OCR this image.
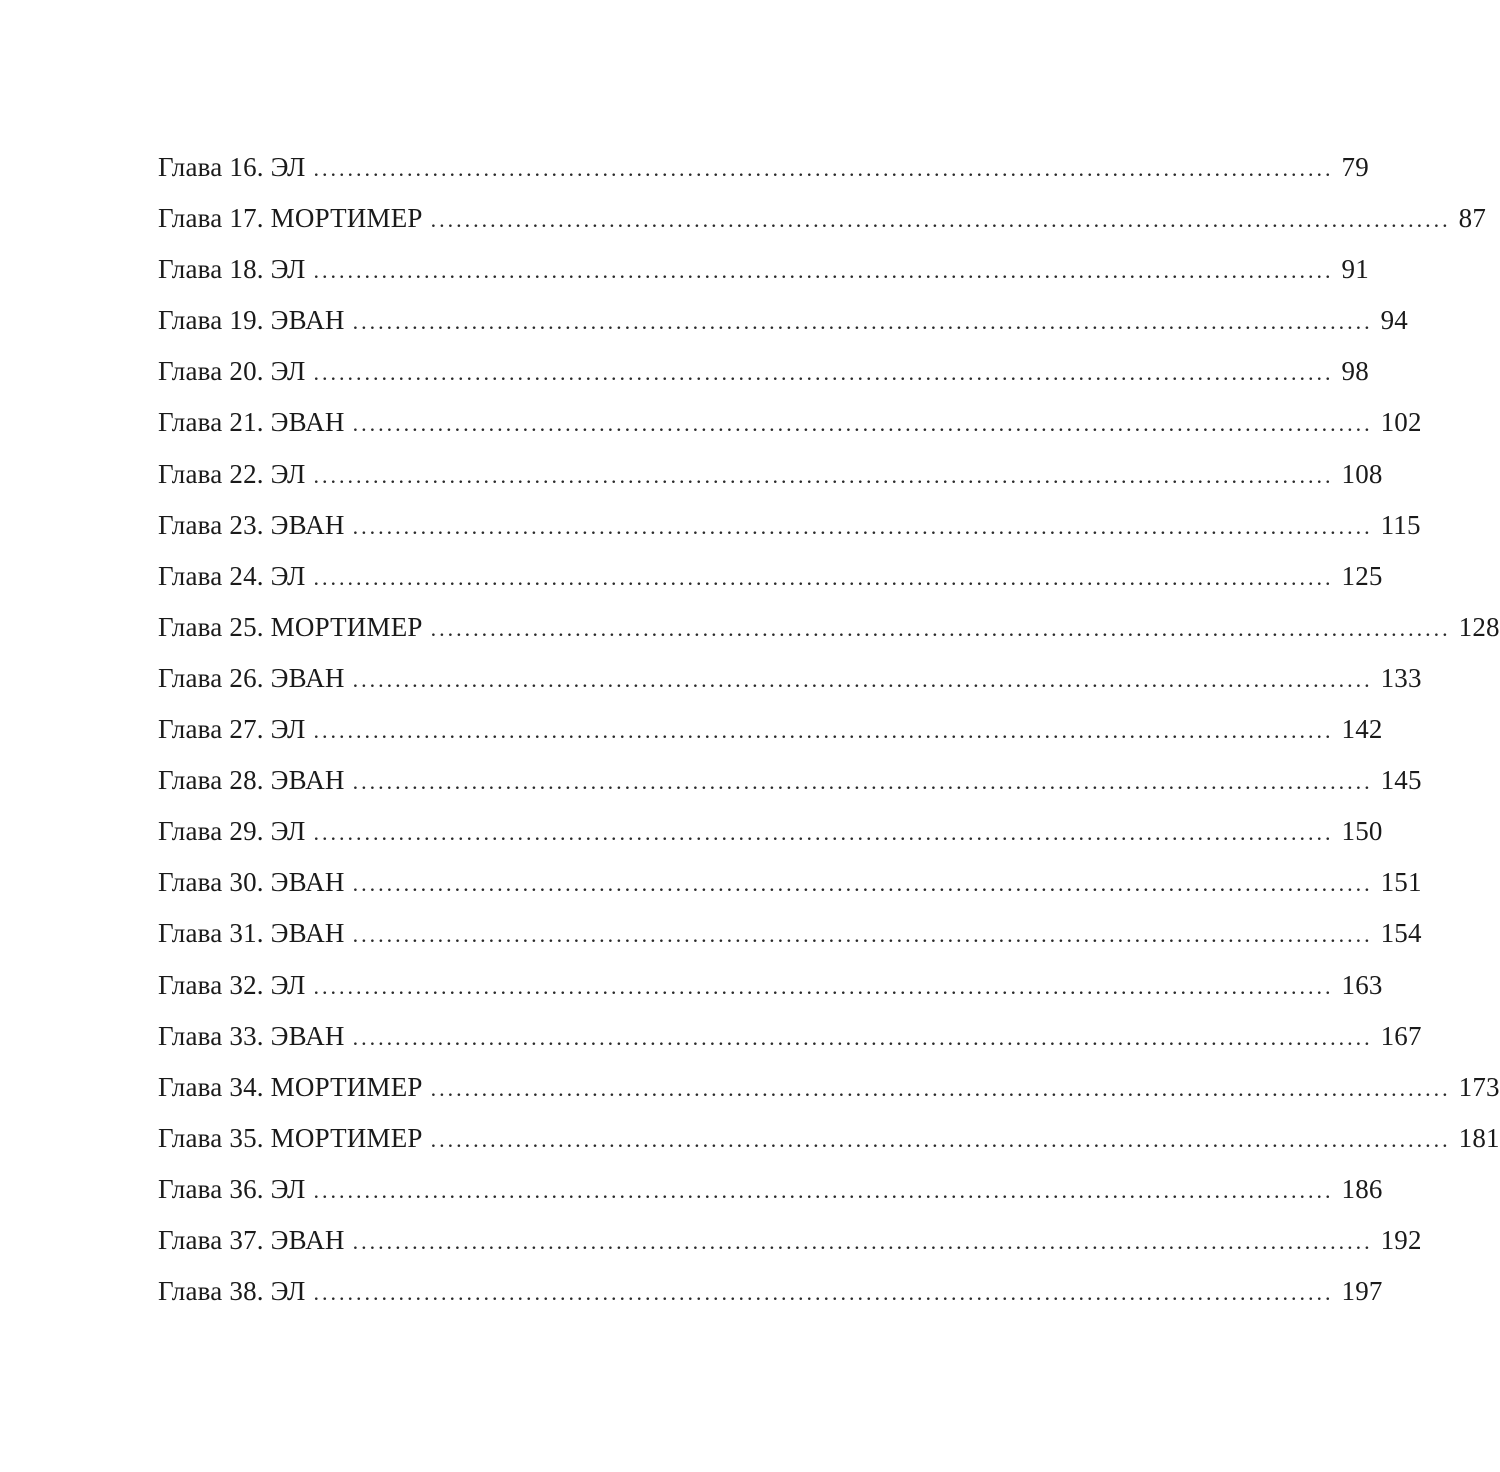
Глава 16. ЭЛ ........................................................................................................................ 79
Глава 17. МОРТИМЕР ........................................................................................................................ 87
Глава 18. ЭЛ ........................................................................................................................ 91
Глава 19. ЭВАН ........................................................................................................................ 94
Глава 20. ЭЛ ........................................................................................................................ 98
Глава 21. ЭВАН ........................................................................................................................ 102
Глава 22. ЭЛ ........................................................................................................................ 108
Глава 23. ЭВАН ........................................................................................................................ 115
Глава 24. ЭЛ ........................................................................................................................ 125
Глава 25. МОРТИМЕР ........................................................................................................................ 128
Глава 26. ЭВАН ........................................................................................................................ 133
Глава 27. ЭЛ ........................................................................................................................ 142
Глава 28. ЭВАН ........................................................................................................................ 145
Глава 29. ЭЛ ........................................................................................................................ 150
Глава 30. ЭВАН ........................................................................................................................ 151
Глава 31. ЭВАН ........................................................................................................................ 154
Глава 32. ЭЛ ........................................................................................................................ 163
Глава 33. ЭВАН ........................................................................................................................ 167
Глава 34. МОРТИМЕР ........................................................................................................................ 173
Глава 35. МОРТИМЕР ........................................................................................................................ 181
Глава 36. ЭЛ ........................................................................................................................ 186
Глава 37. ЭВАН ........................................................................................................................ 192
Глава 38. ЭЛ ........................................................................................................................ 197
